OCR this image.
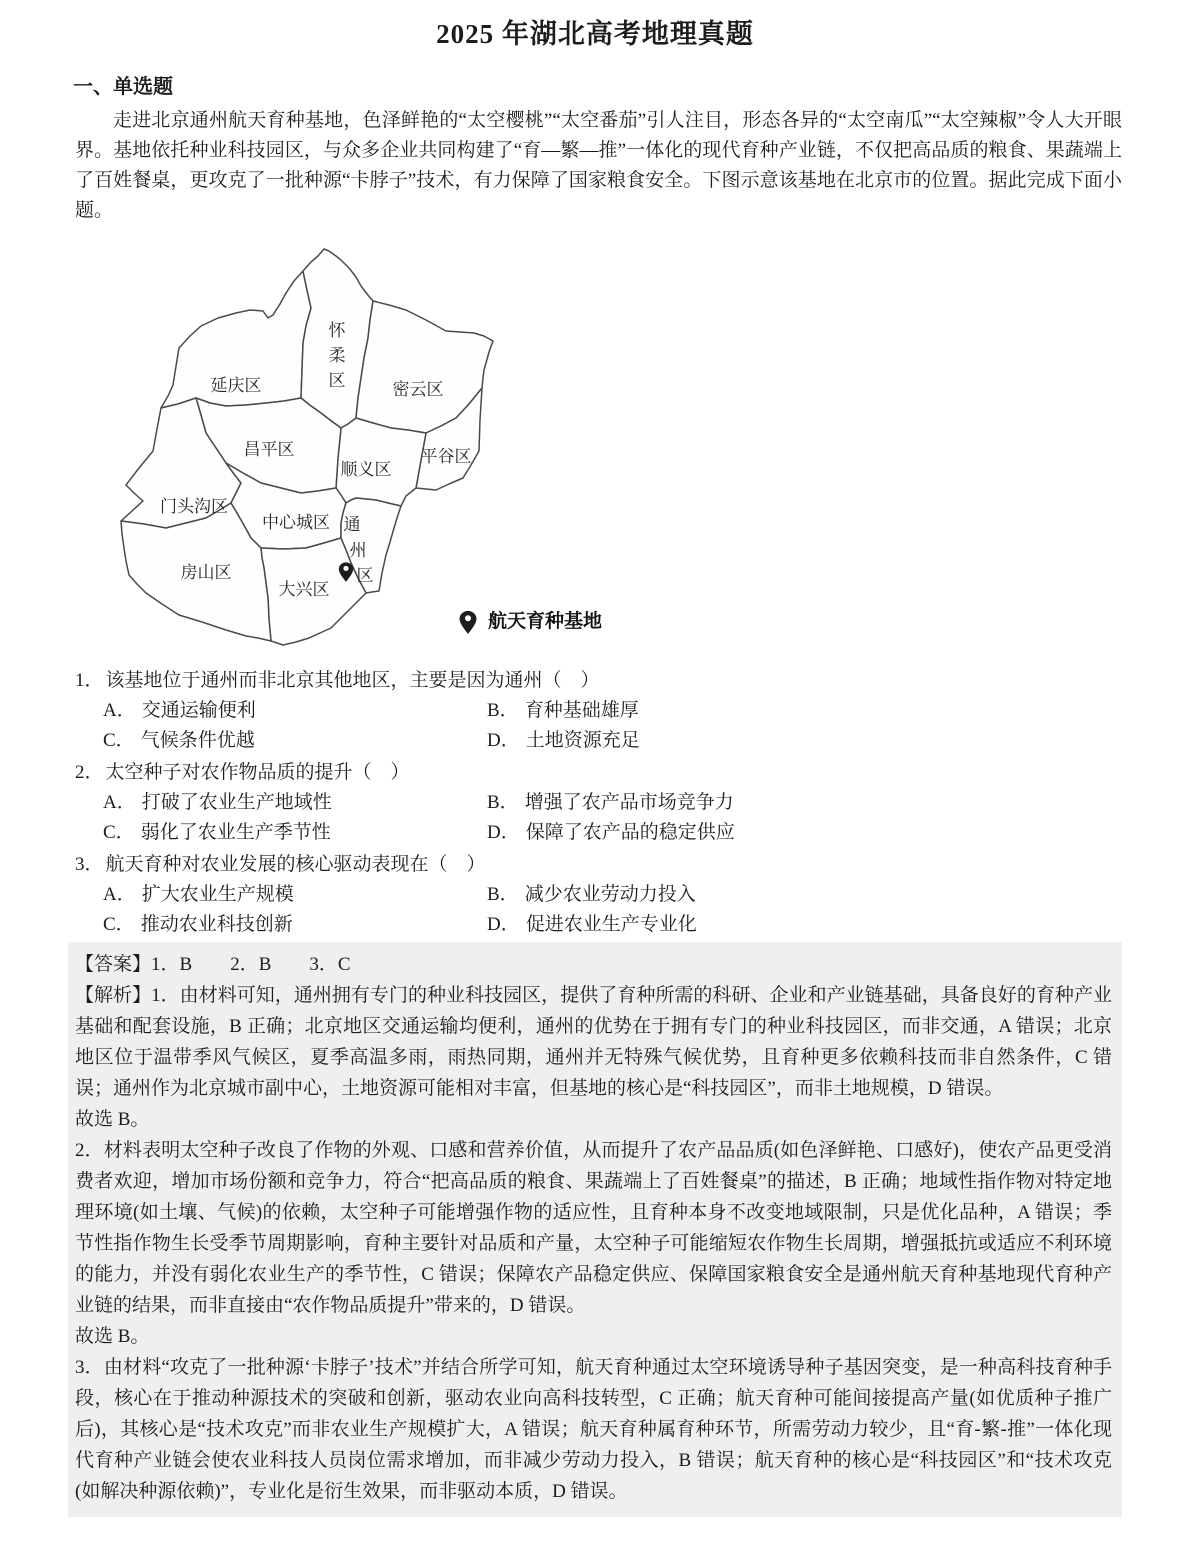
2025 年湖北高考地理真题
一、单选题
走进北京通州航天育种基地，色泽鲜艳的“太空樱桃”“太空番茄”引人注目，形态各异的“太空南瓜”“太空辣椒”令人大开眼界。基地依托种业科技园区，与众多企业共同构建了“育—繁—推”一体化的现代育种产业链，不仅把高品质的粮食、果蔬端上了百姓餐桌，更攻克了一批种源“卡脖子”技术，有力保障了国家粮食安全。下图示意该基地在北京市的位置。据此完成下面小题。
延庆区	密云区
昌平区
顺义区
平谷区
门头沟区
中心城区
房山区
大兴区
怀
柔
区
通
州
区
航天育种基地
1． 该基地位于通州而非北京其他地区，主要是因为通州（　）
A． 交通运输便利	B． 育种基础雄厚
C． 气候条件优越	D． 土地资源充足
2． 太空种子对农作物品质的提升（　）
A． 打破了农业生产地域性	B． 增强了农产品市场竞争力
C． 弱化了农业生产季节性	D． 保障了农产品的稳定供应
3． 航天育种对农业发展的核心驱动表现在（　）
A． 扩大农业生产规模	B． 减少农业劳动力投入
C． 推动农业科技创新	D． 促进农业生产专业化

【答案】1．B 2．B 3．C

【解析】1．由材料可知，通州拥有专门的种业科技园区，提供了育种所需的科研、企业和产业链基础，具备良好的育种产业基础和配套设施，B 正确；北京地区交通运输均便利，通州的优势在于拥有专门的种业科技园区，而非交通，A 错误；北京地区位于温带季风气候区，夏季高温多雨，雨热同期，通州并无特殊气候优势，且育种更多依赖科技而非自然条件，C 错误；通州作为北京城市副中心，土地资源可能相对丰富，但基地的核心是“科技园区”，而非土地规模，D 错误。

故选 B。

2．材料表明太空种子改良了作物的外观、口感和营养价值，从而提升了农产品品质(如色泽鲜艳、口感好)，使农产品更受消费者欢迎，增加市场份额和竞争力，符合“把高品质的粮食、果蔬端上了百姓餐桌”的描述，B 正确；地域性指作物对特定地理环境(如土壤、气候)的依赖，太空种子可能增强作物的适应性，且育种本身不改变地域限制，只是优化品种，A 错误；季节性指作物生长受季节周期影响，育种主要针对品质和产量，太空种子可能缩短农作物生长周期，增强抵抗或适应不利环境的能力，并没有弱化农业生产的季节性，C 错误；保障农产品稳定供应、保障国家粮食安全是通州航天育种基地现代育种产业链的结果，而非直接由“农作物品质提升”带来的，D 错误。

故选 B。

3．由材料“攻克了一批种源‘卡脖子’技术”并结合所学可知，航天育种通过太空环境诱导种子基因突变，是一种高科技育种手段，核心在于推动种源技术的突破和创新，驱动农业向高科技转型，C 正确；航天育种可能间接提高产量(如优质种子推广后)，其核心是“技术攻克”而非农业生产规模扩大，A 错误；航天育种属育种环节，所需劳动力较少，且“育-繁-推”一体化现代育种产业链会使农业科技人员岗位需求增加，而非减少劳动力投入，B 错误；航天育种的核心是“科技园区”和“技术攻克(如解决种源依赖)”，专业化是衍生效果，而非驱动本质，D 错误。
